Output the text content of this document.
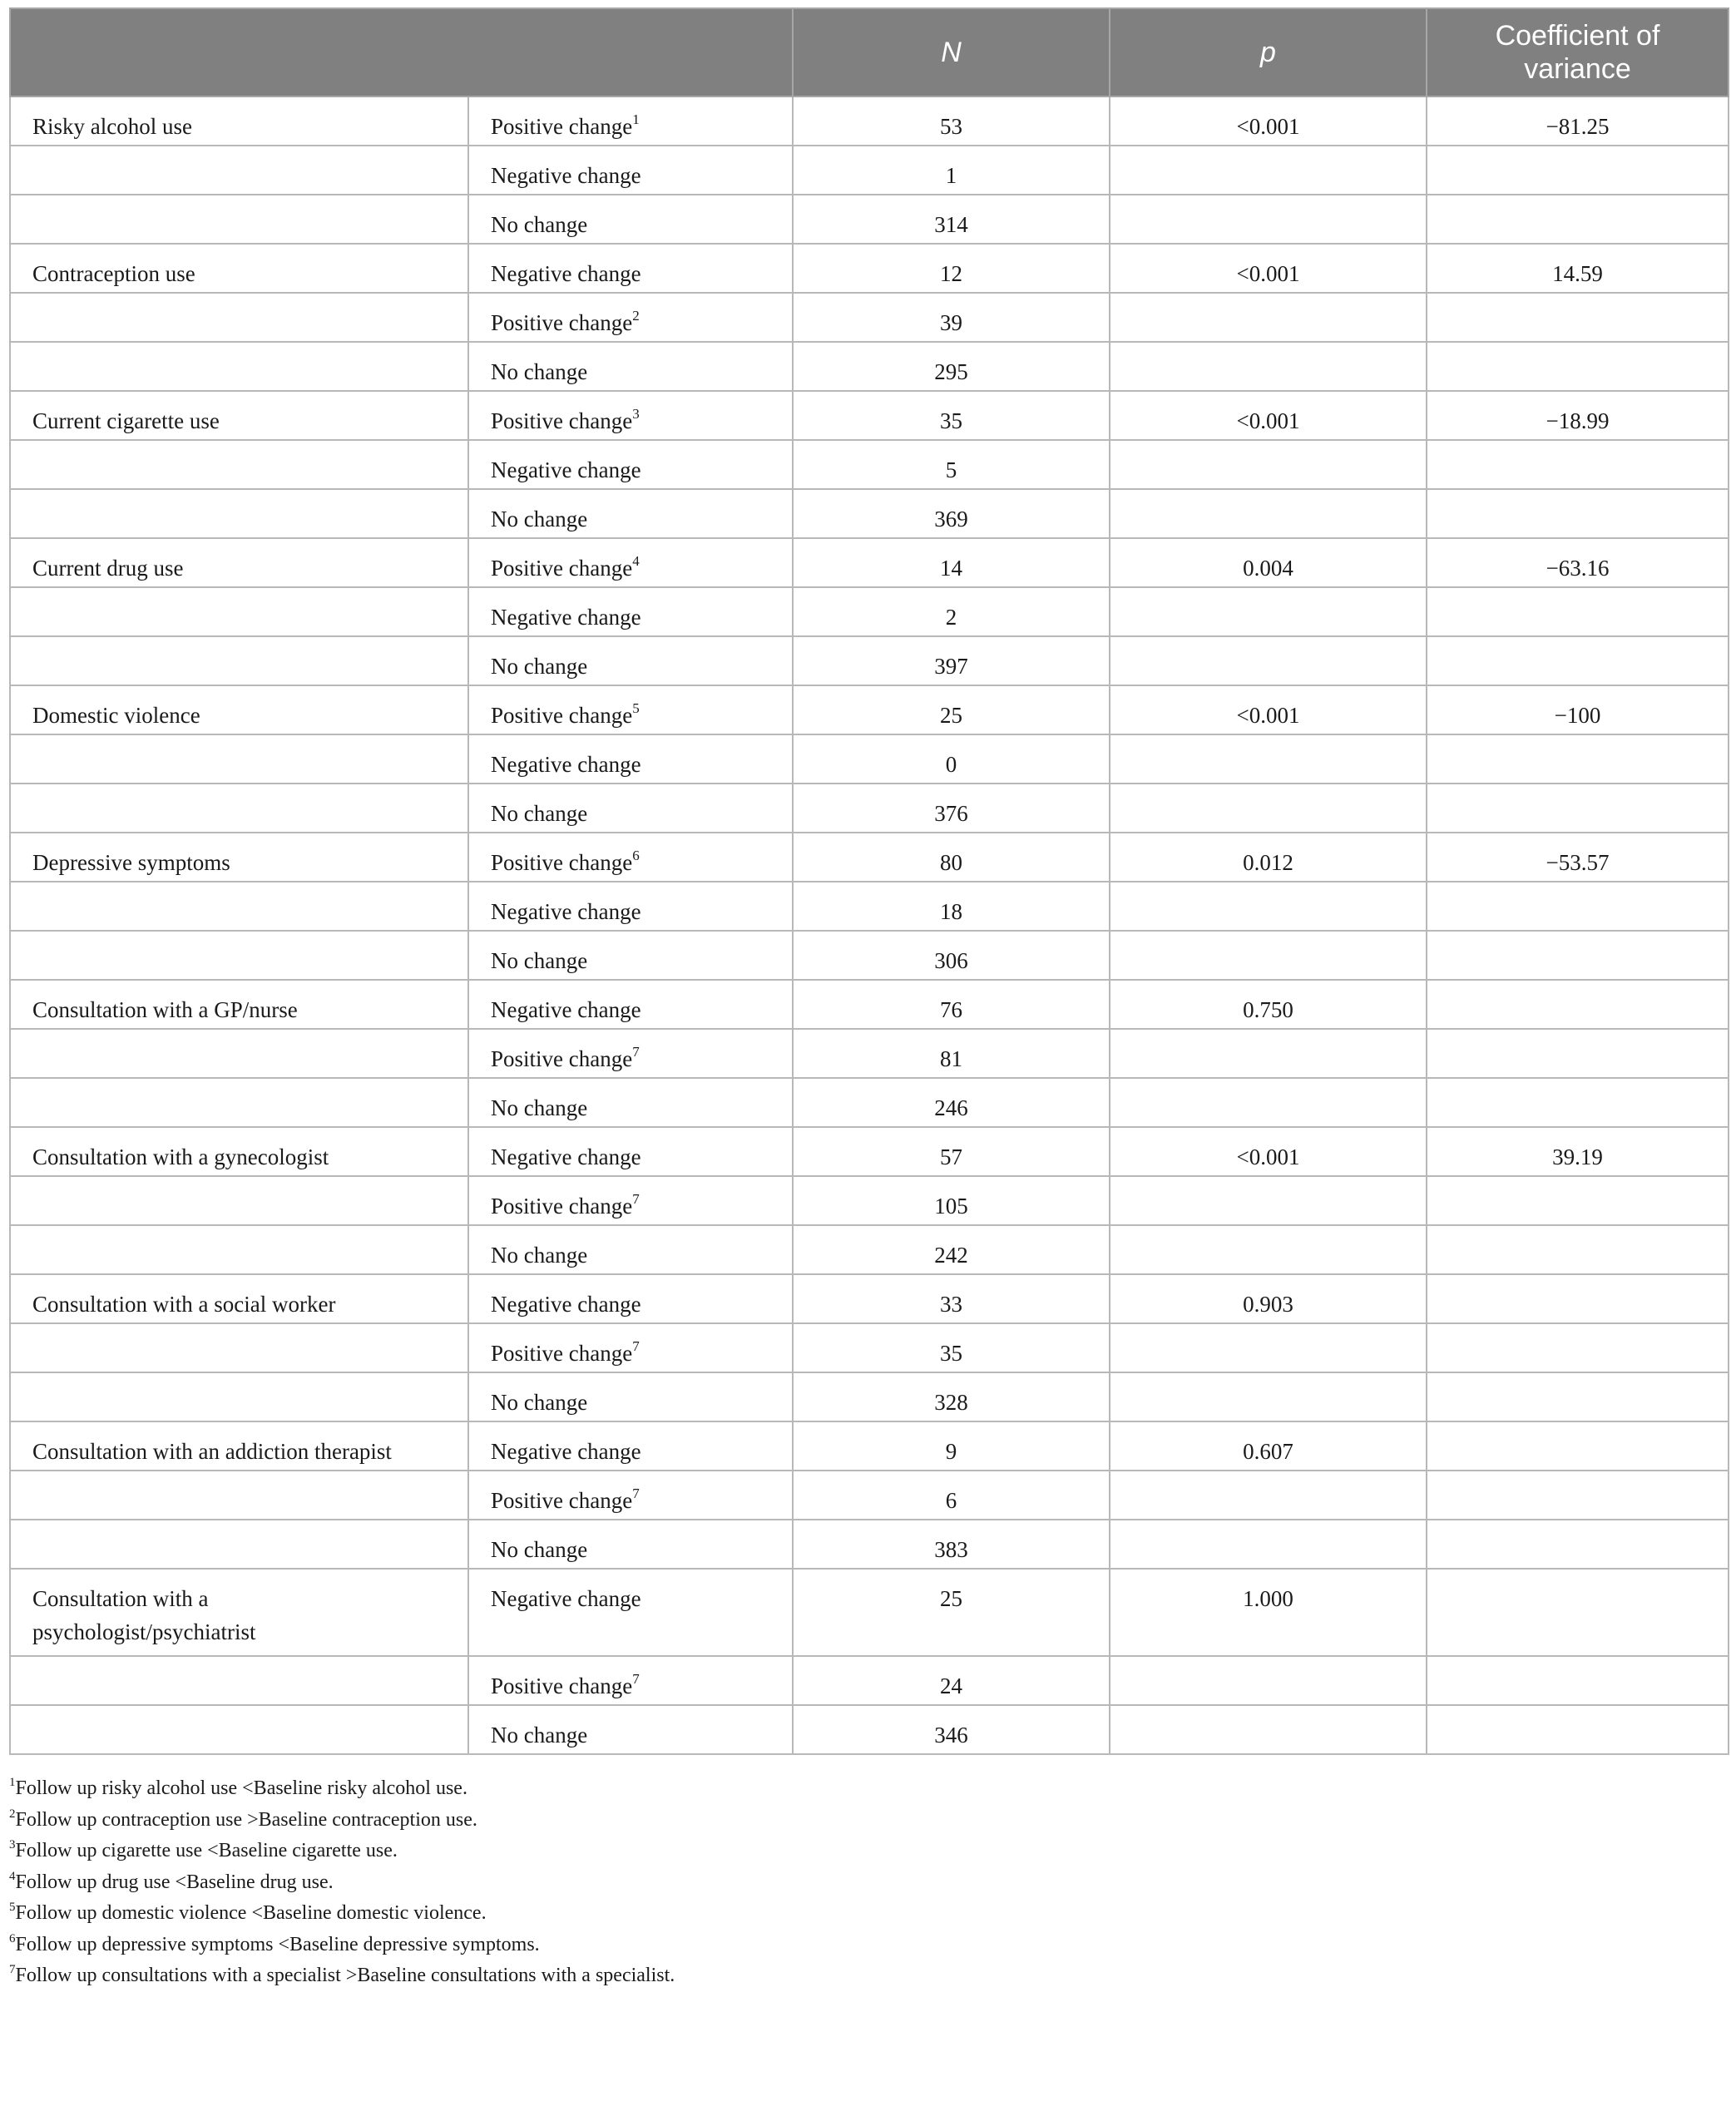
		N	p	Coefficient of variance
Risky alcohol use	Positive change$^1$	53	<0.001	−81.25
	Negative change	1		
	No change	314		
Contraception use	Negative change	12	<0.001	14.59
	Positive change$^2$	39		
	No change	295		
Current cigarette use	Positive change$^3$	35	<0.001	−18.99
	Negative change	5		
	No change	369		
Current drug use	Positive change$^4$	14	0.004	−63.16
	Negative change	2		
	No change	397		
Domestic violence	Positive change$^5$	25	<0.001	−100
	Negative change	0		
	No change	376		
Depressive symptoms	Positive change$^6$	80	0.012	−53.57
	Negative change	18		
	No change	306		
Consultation with a GP/nurse	Negative change	76	0.750	
	Positive change$^7$	81		
	No change	246		
Consultation with a gynecologist	Negative change	57	<0.001	39.19
	Positive change$^7$	105		
	No change	242		
Consultation with a social worker	Negative change	33	0.903	
	Positive change$^7$	35		
	No change	328		
Consultation with an addiction therapist	Negative change	9	0.607	
	Positive change$^7$	6		
	No change	383		
Consultation with a psychologist/psychiatrist	Negative change	25	1.000	
	Positive change$^7$	24		
	No change	346		
$^1$Follow up risky alcohol use <Baseline risky alcohol use.
$^2$Follow up contraception use >Baseline contraception use.
$^3$Follow up cigarette use <Baseline cigarette use.
$^4$Follow up drug use <Baseline drug use.
$^5$Follow up domestic violence <Baseline domestic violence.
$^6$Follow up depressive symptoms <Baseline depressive symptoms.
$^7$Follow up consultations with a specialist >Baseline consultations with a specialist.
